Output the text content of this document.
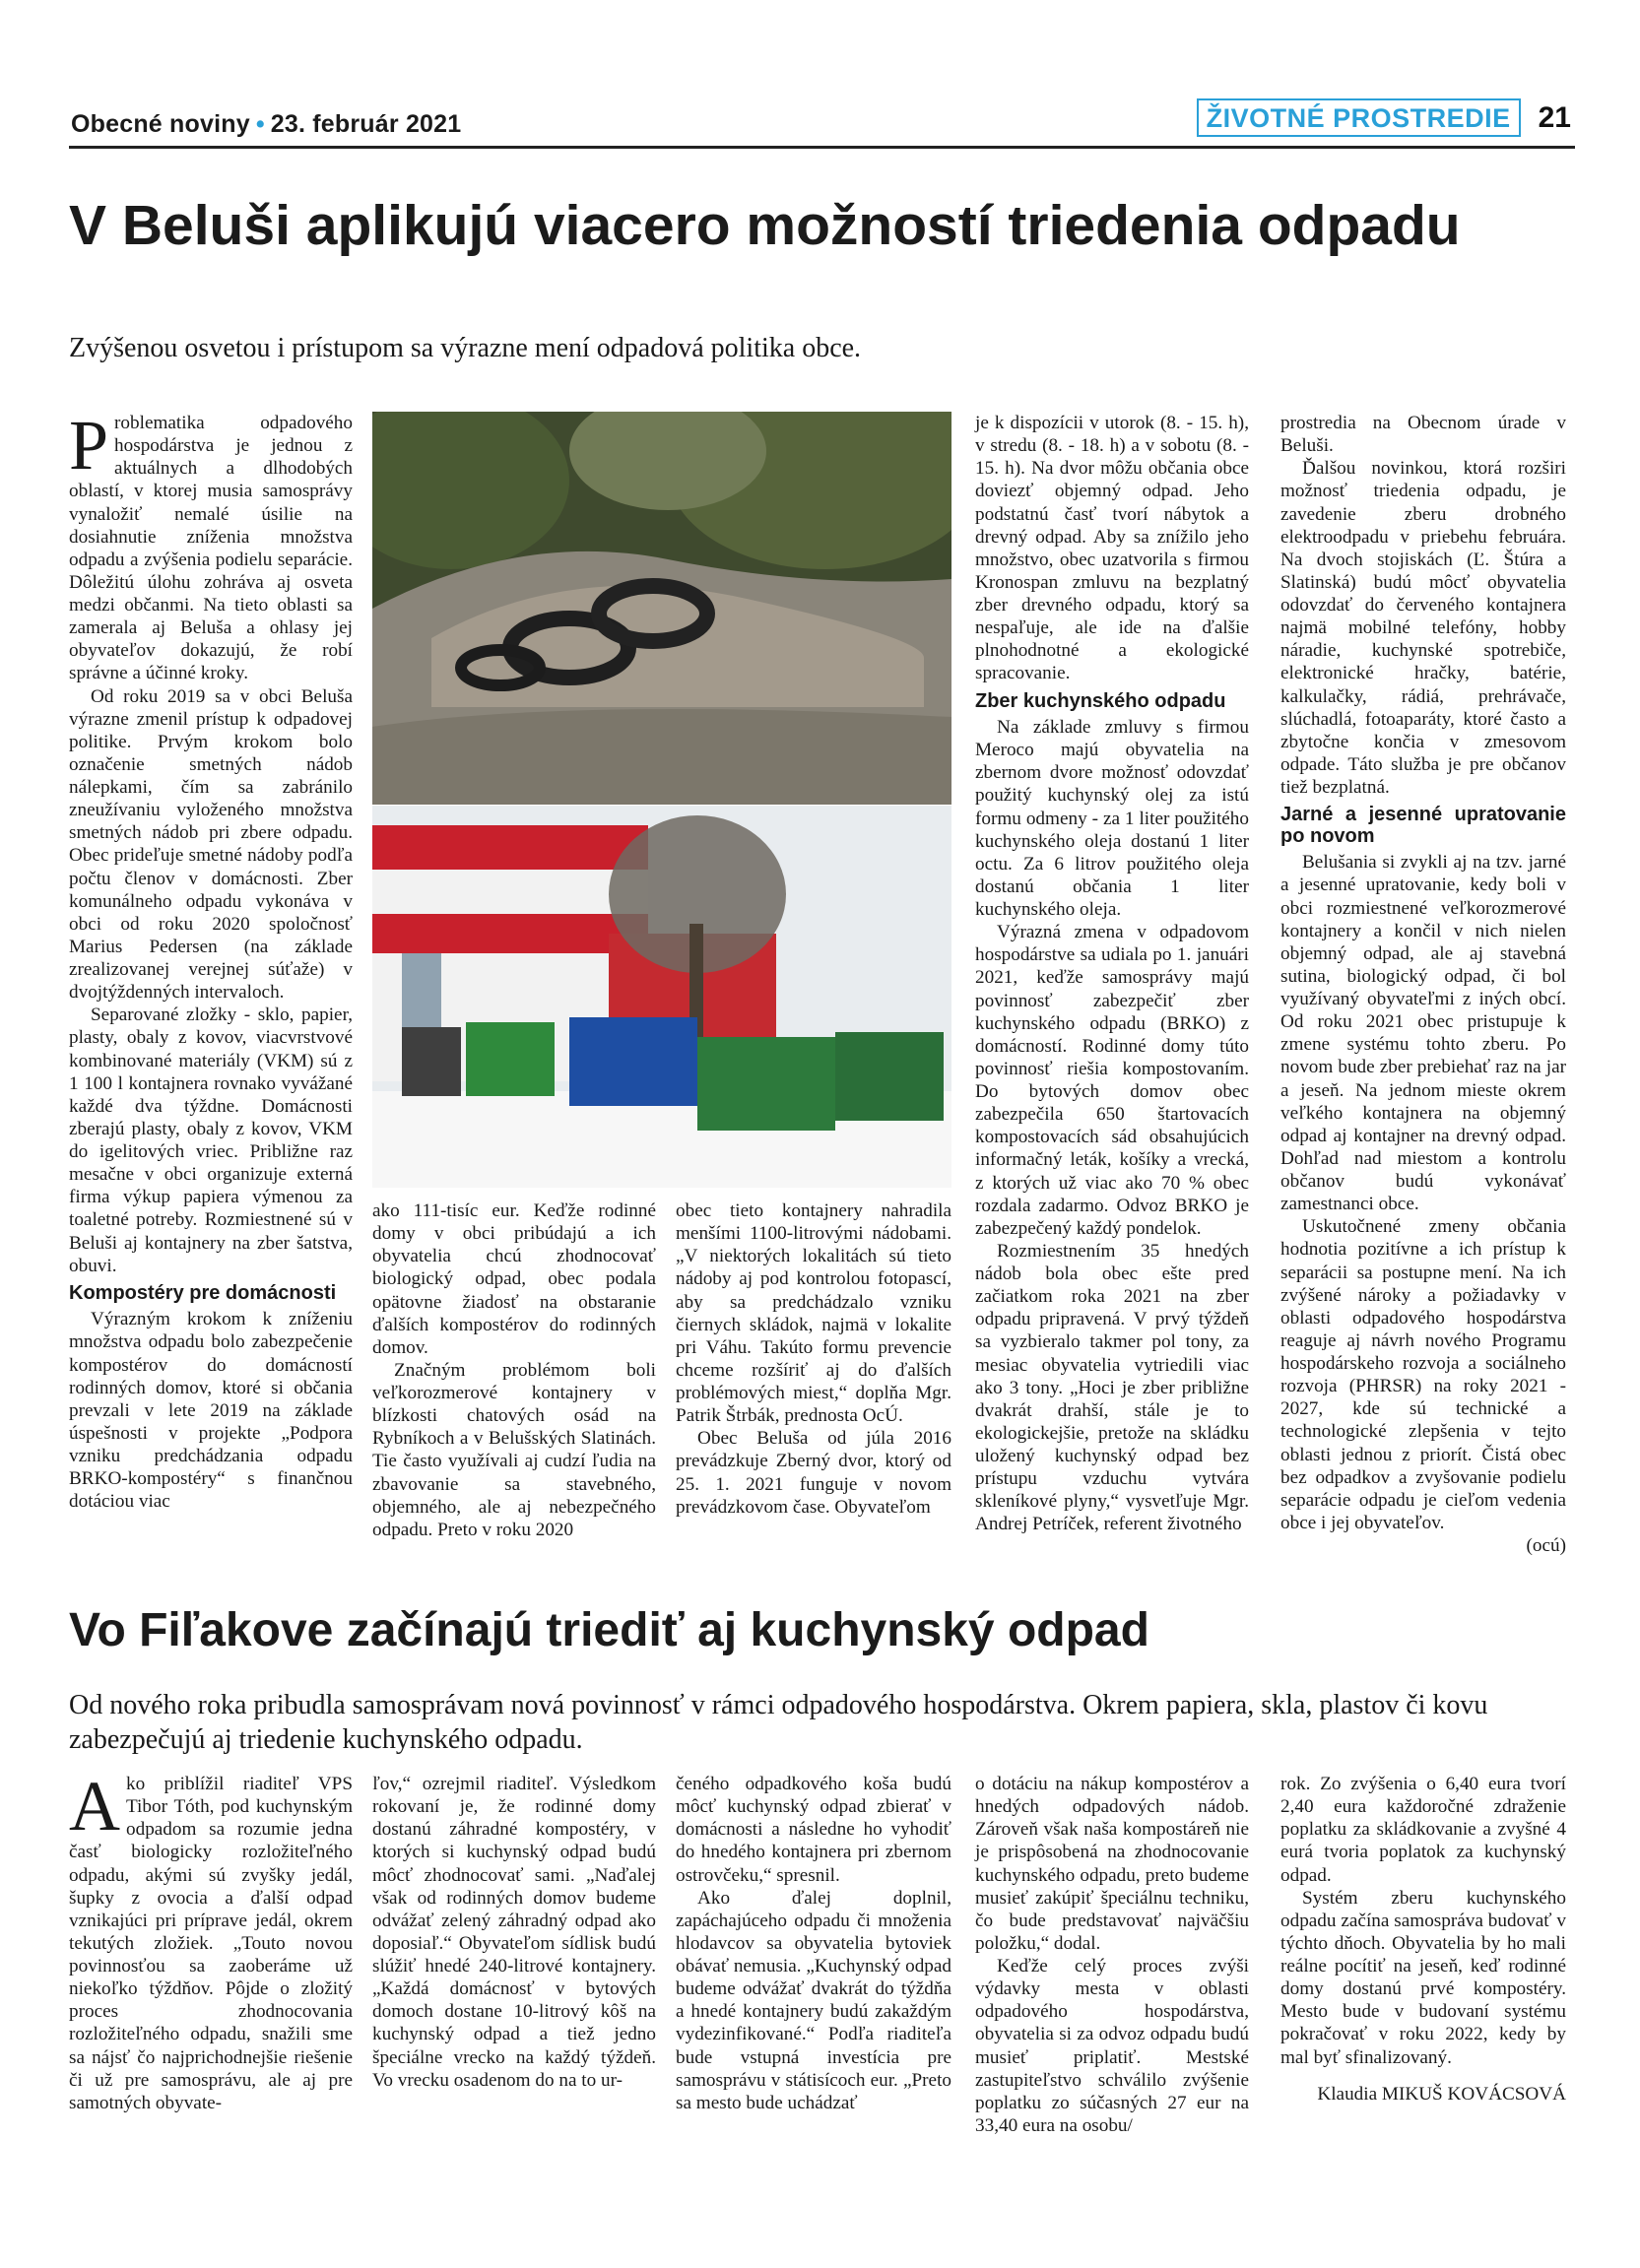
Obecné noviny • 23. február 2021	ŽIVOTNÉ PROSTREDIE 21
V Beluši aplikujú viacero možností triedenia odpadu

Zvýšenou osvetou i prístupom sa výrazne mení odpadová politika obce.

Problematika odpadového hospodárstva je jednou z aktuálnych a dlhodobých oblastí, v ktorej musia samosprávy vynaložiť nemalé úsilie na dosiahnutie zníženia množstva odpadu a zvýšenia podielu separácie. Dôležitú úlohu zohráva aj osveta medzi občanmi. Na tieto oblasti sa zamerala aj Beluša a ohlasy jej obyvateľov dokazujú, že robí správne a účinné kroky.

Od roku 2019 sa v obci Beluša výrazne zmenil prístup k odpadovej politike. Prvým krokom bolo označenie smetných nádob nálepkami, čím sa zabránilo zneužívaniu vyloženého množstva smetných nádob pri zbere odpadu. Obec prideľuje smetné nádoby podľa počtu členov v domácnosti. Zber komunálneho odpadu vykonáva v obci od roku 2020 spoločnosť Marius Pedersen (na základe zrealizovanej verejnej súťaže) v dvojtýždenných intervaloch.

Separované zložky - sklo, papier, plasty, obaly z kovov, viacvrstvové kombinované materiály (VKM) sú z 1 100 l kontajnera rovnako vyvážané každé dva týždne. Domácnosti zberajú plasty, obaly z kovov, VKM do igelitových vriec. Približne raz mesačne v obci organizuje externá firma výkup papiera výmenou za toaletné potreby. Rozmiestnené sú v Beluši aj kontajnery na zber šatstva, obuvi.

Kompostéry pre domácnosti

Výrazným krokom k zníženiu množstva odpadu bolo zabezpečenie kompostérov do domácností rodinných domov, ktoré si občania prevzali v lete 2019 na základe úspešnosti v projekte „Podpora vzniku predchádzania odpadu BRKO-kompostéry“ s finančnou dotáciou viac

ako 111-tisíc eur. Keďže rodinné domy v obci pribúdajú a ich obyvatelia chcú zhodnocovať biologický odpad, obec podala opätovne žiadosť na obstaranie ďalších kompostérov do rodinných domov.

Značným problémom boli veľkorozmerové kontajnery v blízkosti chatových osád na Rybníkoch a v Belušských Slatinách. Tie často využívali aj cudzí ľudia na zbavovanie sa stavebného, objemného, ale aj nebezpečného odpadu. Preto v roku 2020

obec tieto kontajnery nahradila menšími 1100-litrovými nádobami. „V niektorých lokalitách sú tieto nádoby aj pod kontrolou fotopascí, aby sa predchádzalo vzniku čiernych skládok, najmä v lokalite pri Váhu. Takúto formu prevencie chceme rozšíriť aj do ďalších problémových miest,“ doplňa Mgr. Patrik Štrbák, prednosta OcÚ.

Obec Beluša od júla 2016 prevádzkuje Zberný dvor, ktorý od 25. 1. 2021 funguje v novom prevádzkovom čase. Obyvateľom

je k dispozícii v utorok (8. - 15. h), v stredu (8. - 18. h) a v sobotu (8. - 15. h). Na dvor môžu občania obce doviezť objemný odpad. Jeho podstatnú časť tvorí nábytok a drevný odpad. Aby sa znížilo jeho množstvo, obec uzatvorila s firmou Kronospan zmluvu na bezplatný zber drevného odpadu, ktorý sa nespaľuje, ale ide na ďalšie plnohodnotné a ekologické spracovanie.

Zber kuchynského odpadu

Na základe zmluvy s firmou Meroco majú obyvatelia na zbernom dvore možnosť odovzdať použitý kuchynský olej za istú formu odmeny - za 1 liter použitého kuchynského oleja dostanú 1 liter octu. Za 6 litrov použitého oleja dostanú občania 1 liter kuchynského oleja.

Výrazná zmena v odpadovom hospodárstve sa udiala po 1. januári 2021, keďže samosprávy majú povinnosť zabezpečiť zber kuchynského odpadu (BRKO) z domácností. Rodinné domy túto povinnosť riešia kompostovaním. Do bytových domov obec zabezpečila 650 štartovacích kompostovacích sád obsahujúcich informačný leták, košíky a vrecká, z ktorých už viac ako 70 % obec rozdala zadarmo. Odvoz BRKO je zabezpečený každý pondelok.

Rozmiestnením 35 hnedých nádob bola obec ešte pred začiatkom roka 2021 na zber odpadu pripravená. V prvý týždeň sa vyzbieralo takmer pol tony, za mesiac obyvatelia vytriedili viac ako 3 tony. „Hoci je zber približne dvakrát drahší, stále je to ekologickejšie, pretože na skládku uložený kuchynský odpad bez prístupu vzduchu vytvára skleníkové plyny,“ vysvetľuje Mgr. Andrej Petríček, referent životného

prostredia na Obecnom úrade v Beluši.

Ďalšou novinkou, ktorá rozširi možnosť triedenia odpadu, je zavedenie zberu drobného elektroodpadu v priebehu februára. Na dvoch stojiskách (Ľ. Štúra a Slatinská) budú môcť obyvatelia odovzdať do červeného kontajnera najmä mobilné telefóny, hobby náradie, kuchynské spotrebiče, elektronické hračky, batérie, kalkulačky, rádiá, prehrávače, slúchadlá, fotoaparáty, ktoré často a zbytočne končia v zmesovom odpade. Táto služba je pre občanov tiež bezplatná.

Jarné a jesenné upratovanie po novom

Belušania si zvykli aj na tzv. jarné a jesenné upratovanie, kedy boli v obci rozmiestnené veľkorozmerové kontajnery a končil v nich nielen objemný odpad, ale aj stavebná sutina, biologický odpad, či bol využívaný obyvateľmi z iných obcí. Od roku 2021 obec pristupuje k zmene systému tohto zberu. Po novom bude zber prebiehať raz na jar a jeseň. Na jednom mieste okrem veľkého kontajnera na objemný odpad aj kontajner na drevný odpad. Dohľad nad miestom a kontrolu občanov budú vykonávať zamestnanci obce.

Uskutočnené zmeny občania hodnotia pozitívne a ich prístup k separácii sa postupne mení. Na ich zvýšené nároky a požiadavky v oblasti odpadového hospodárstva reaguje aj návrh nového Programu hospodárskeho rozvoja a sociálneho rozvoja (PHRSR) na roky 2021 - 2027, kde sú technické a technologické zlepšenia v tejto oblasti jednou z priorít. Čistá obec bez odpadkov a zvyšovanie podielu separácie odpadu je cieľom vedenia obce i jej obyvateľov.

(ocú)
Vo Fiľakove začínajú triediť aj kuchynský odpad

Od nového roka pribudla samosprávam nová povinnosť v rámci odpadového hospodárstva. Okrem papiera, skla, plastov či kovu zabezpečujú aj triedenie kuchynského odpadu.

Ako priblížil riaditeľ VPS Tibor Tóth, pod kuchynským odpadom sa rozumie jedna časť biologicky rozložiteľného odpadu, akými sú zvyšky jedál, šupky z ovocia a ďalší odpad vznikajúci pri príprave jedál, okrem tekutých zložiek. „Touto novou povinnosťou sa zaoberáme už niekoľko týždňov. Pôjde o zložitý proces zhodnocovania rozložiteľného odpadu, snažili sme sa nájsť čo najprichodnejšie riešenie či už pre samosprávu, ale aj pre samotných obyvate-

ľov,“ ozrejmil riaditeľ. Výsledkom rokovaní je, že rodinné domy dostanú záhradné kompostéry, v ktorých si kuchynský odpad budú môcť zhodnocovať sami. „Naďalej však od rodinných domov budeme odvážať zelený záhradný odpad ako doposiaľ.“ Obyvateľom sídlisk budú slúžiť hnedé 240-litrové kontajnery. „Každá domácnosť v bytových domoch dostane 10-litrový kôš na kuchynský odpad a tiež jedno špeciálne vrecko na každý týždeň. Vo vrecku osadenom do na to ur-

čeného odpadkového koša budú môcť kuchynský odpad zbierať v domácnosti a následne ho vyhodiť do hnedého kontajnera pri zbernom ostrovčeku,“ spresnil.

Ako ďalej doplnil, zapáchajúceho odpadu či množenia hlodavcov sa obyvatelia bytoviek obávať nemusia. „Kuchynský odpad budeme odvážať dvakrát do týždňa a hnedé kontajnery budú zakaždým vydezinfikované.“ Podľa riaditeľa bude vstupná investícia pre samosprávu v státisícoch eur. „Preto sa mesto bude uchádzať

o dotáciu na nákup kompostérov a hnedých odpadových nádob. Zároveň však naša kompostáreň nie je prispôsobená na zhodnocovanie kuchynského odpadu, preto budeme musieť zakúpiť špeciálnu techniku, čo bude predstavovať najväčšiu položku,“ dodal.

Keďže celý proces zvýši výdavky mesta v oblasti odpadového hospodárstva, obyvatelia si za odvoz odpadu budú musieť priplatiť. Mestské zastupiteľstvo schválilo zvýšenie poplatku zo súčasných 27 eur na 33,40 eura na osobu/

rok. Zo zvýšenia o 6,40 eura tvorí 2,40 eura každoročné zdraženie poplatku za skládkovanie a zvyšné 4 eurá tvoria poplatok za kuchynský odpad.

Systém zberu kuchynského odpadu začína samospráva budovať v týchto dňoch. Obyvatelia by ho mali reálne pocítiť na jeseň, keď rodinné domy dostanú prvé kompostéry. Mesto bude v budovaní systému pokračovať v roku 2022, kedy by mal byť sfinalizovaný.

Klaudia MIKUŠ KOVÁCSOVÁ
